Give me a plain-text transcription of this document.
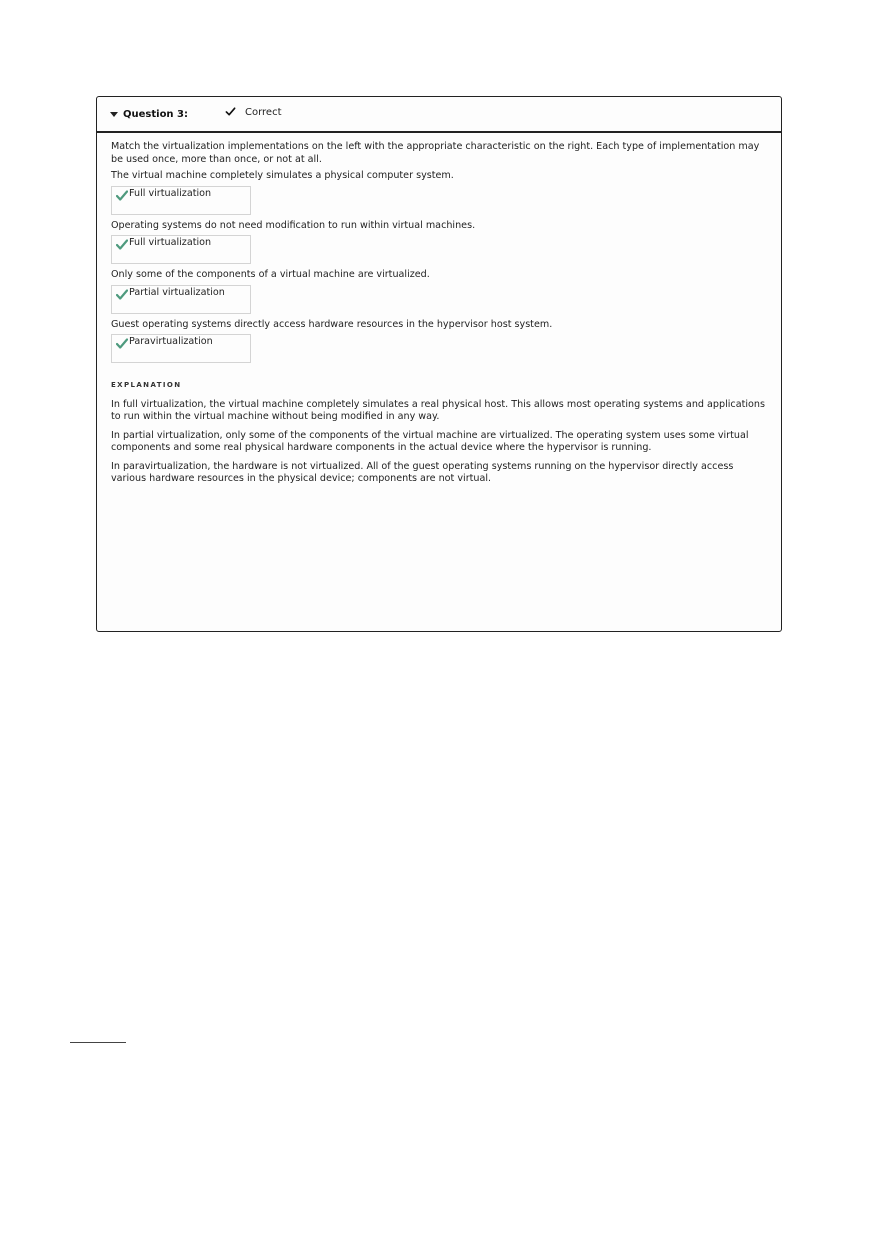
Question 3:	Correct

Match the virtualization implementations on the left with the appropriate characteristic on the right. Each type of implementation may be used once, more than once, or not at all.

The virtual machine completely simulates a physical computer system.

Full virtualization

Operating systems do not need modification to run within virtual machines.

Full virtualization

Only some of the components of a virtual machine are virtualized.

Partial virtualization

Guest operating systems directly access hardware resources in the hypervisor host system.

Paravirtualization
EXPLANATION

In full virtualization, the virtual machine completely simulates a real physical host. This allows most operating systems and applications to run within the virtual machine without being modified in any way.

In partial virtualization, only some of the components of the virtual machine are virtualized. The operating system uses some virtual components and some real physical hardware components in the actual device where the hypervisor is running.

In paravirtualization, the hardware is not virtualized. All of the guest operating systems running on the hypervisor directly access various hardware resources in the physical device; components are not virtual.
